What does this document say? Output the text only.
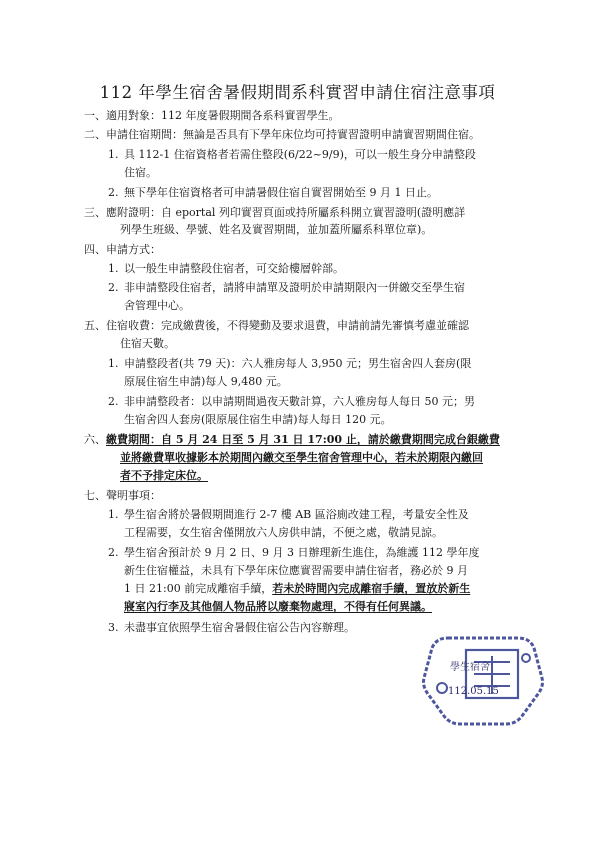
112 年學生宿舍暑假期間系科實習申請住宿注意事項
一、適用對象：112 年度暑假期間各系科實習學生。
二、申請住宿期間：無論是否具有下學年床位均可持實習證明申請實習期間住宿。
1. 具 112-1 住宿資格者若需住整段(6/22~9/9)，可以一般生身分申請整段
住宿。
2. 無下學年住宿資格者可申請暑假住宿自實習開始至 9 月 1 日止。
三、應附證明：自 eportal 列印實習頁面或持所屬系科開立實習證明(證明應詳
列學生班級、學號、姓名及實習期間，並加蓋所屬系科單位章)。
四、申請方式：
1. 以一般生申請整段住宿者，可交給樓層幹部。
2. 非申請整段住宿者，請將申請單及證明於申請期限內一併繳交至學生宿
舍管理中心。
五、住宿收費：完成繳費後，不得變動及要求退費，申請前請先審慎考慮並確認
住宿天數。
1. 申請整段者(共 79 天)：六人雅房每人 3,950 元；男生宿舍四人套房(限
原展住宿生申請)每人 9,480 元。
2. 非申請整段者：以申請期間過夜天數計算，六人雅房每人每日 50 元；男
生宿舍四人套房(限原展住宿生申請)每人每日 120 元。
六、 繳費期間：自 5 月 24 日至 5 月 31 日 17:00 止，請於繳費期間完成台銀繳費
並將繳費單收據影本於期間內繳交至學生宿舍管理中心，若未於期限內繳回
者不予排定床位。
七、聲明事項：
1. 學生宿舍將於暑假期間進行 2-7 樓 AB 區浴廁改建工程，考量安全性及
工程需要，女生宿舍僅開放六人房供申請，不便之處，敬請見諒。
2. 學生宿舍預計於 9 月 2 日、9 月 3 日辦理新生進住，為維護 112 學年度
新生住宿權益，未具有下學年床位應實習需要申請住宿者，務必於 9 月
1 日 21:00 前完成離宿手續，若未於時間內完成離宿手續，置放於新生
寢室內行李及其他個人物品將以廢棄物處理，不得有任何異議。
3. 未盡事宜依照學生宿舍暑假住宿公告內容辦理。
學生宿舍
112.05.15
